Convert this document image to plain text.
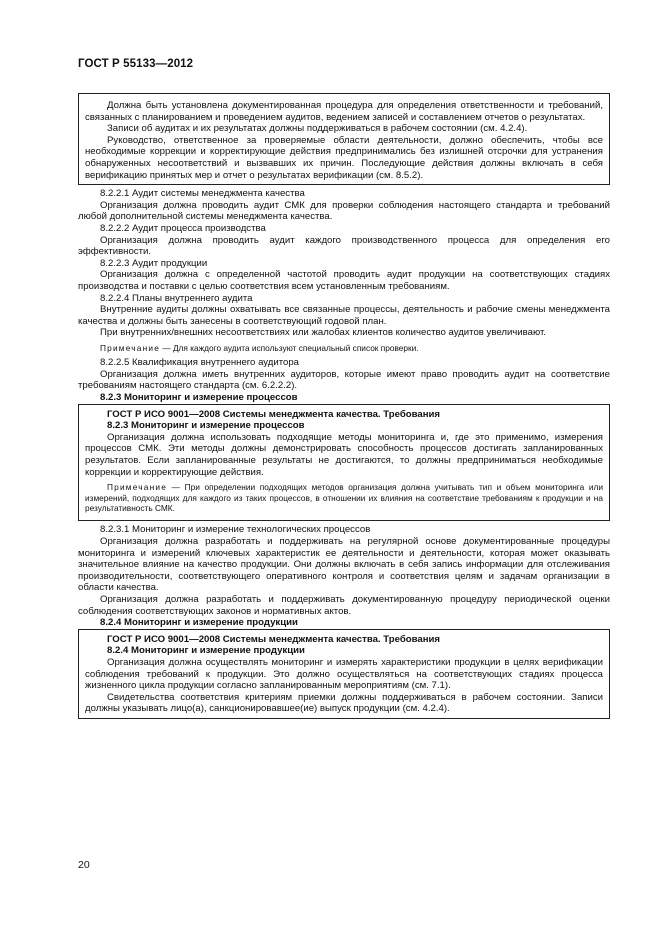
ГОСТ Р 55133—2012

Должна быть установлена документированная процедура для определения ответственности и требований, связанных с планированием и проведением аудитов, ведением записей и составлением отчетов о результатах.

Записи об аудитах и их результатах должны поддерживаться в рабочем состоянии (см. 4.2.4).

Руководство, ответственное за проверяемые области деятельности, должно обеспечить, чтобы все необходимые коррекции и корректирующие действия предпринимались без излишней отсрочки для устранения обнаруженных несоответствий и вызвавших их причин. Последующие действия должны включать в себя верификацию принятых мер и отчет о результатах верификации (см. 8.5.2).

8.2.2.1 Аудит системы менеджмента качества

Организация должна проводить аудит СМК для проверки соблюдения настоящего стандарта и требований любой дополнительной системы менеджмента качества.

8.2.2.2 Аудит процесса производства

Организация должна проводить аудит каждого производственного процесса для определения его эффективности.

8.2.2.3 Аудит продукции

Организация должна с определенной частотой проводить аудит продукции на соответствующих стадиях производства и поставки с целью соответствия всем установленным требованиям.

8.2.2.4 Планы внутреннего аудита

Внутренние аудиты должны охватывать все связанные процессы, деятельность и рабочие смены менеджмента качества и должны быть занесены в соответствующий годовой план.

При внутренних/внешних несоответствиях или жалобах клиентов количество аудитов увеличивают.

Примечание — Для каждого аудита используют специальный список проверки.

8.2.2.5 Квалификация внутреннего аудитора

Организация должна иметь внутренних аудиторов, которые имеют право проводить аудит на соответствие требованиям настоящего стандарта (см. 6.2.2.2).

8.2.3 Мониторинг и измерение процессов

ГОСТ Р ИСО 9001—2008 Системы менеджмента качества. Требования

8.2.3 Мониторинг и измерение процессов

Организация должна использовать подходящие методы мониторинга и, где это применимо, измерения процессов СМК. Эти методы должны демонстрировать способность процессов достигать запланированных результатов. Если запланированные результаты не достигаются, то должны предприниматься необходимые коррекции и корректирующие действия.

Примечание — При определении подходящих методов организация должна учитывать тип и объем мониторинга или измерений, подходящих для каждого из таких процессов, в отношении их влияния на соответствие требованиям к продукции и на результативность СМК.

8.2.3.1 Мониторинг и измерение технологических процессов

Организация должна разработать и поддерживать на регулярной основе документированные процедуры мониторинга и измерений ключевых характеристик ее деятельности и деятельности, которая может оказывать значительное влияние на качество продукции. Они должны включать в себя запись информации для отслеживания производительности, соответствующего оперативного контроля и соответствия целям и задачам организации в области качества.

Организация должна разработать и поддерживать документированную процедуру периодической оценки соблюдения соответствующих законов и нормативных актов.

8.2.4 Мониторинг и измерение продукции

ГОСТ Р ИСО 9001—2008 Системы менеджмента качества. Требования

8.2.4 Мониторинг и измерение продукции

Организация должна осуществлять мониторинг и измерять характеристики продукции в целях верификации соблюдения требований к продукции. Это должно осуществляться на соответствующих стадиях процесса жизненного цикла продукции согласно запланированным мероприятиям (см. 7.1).

Свидетельства соответствия критериям приемки должны поддерживаться в рабочем состоянии. Записи должны указывать лицо(а), санкционировавшее(ие) выпуск продукции (см. 4.2.4).

20
